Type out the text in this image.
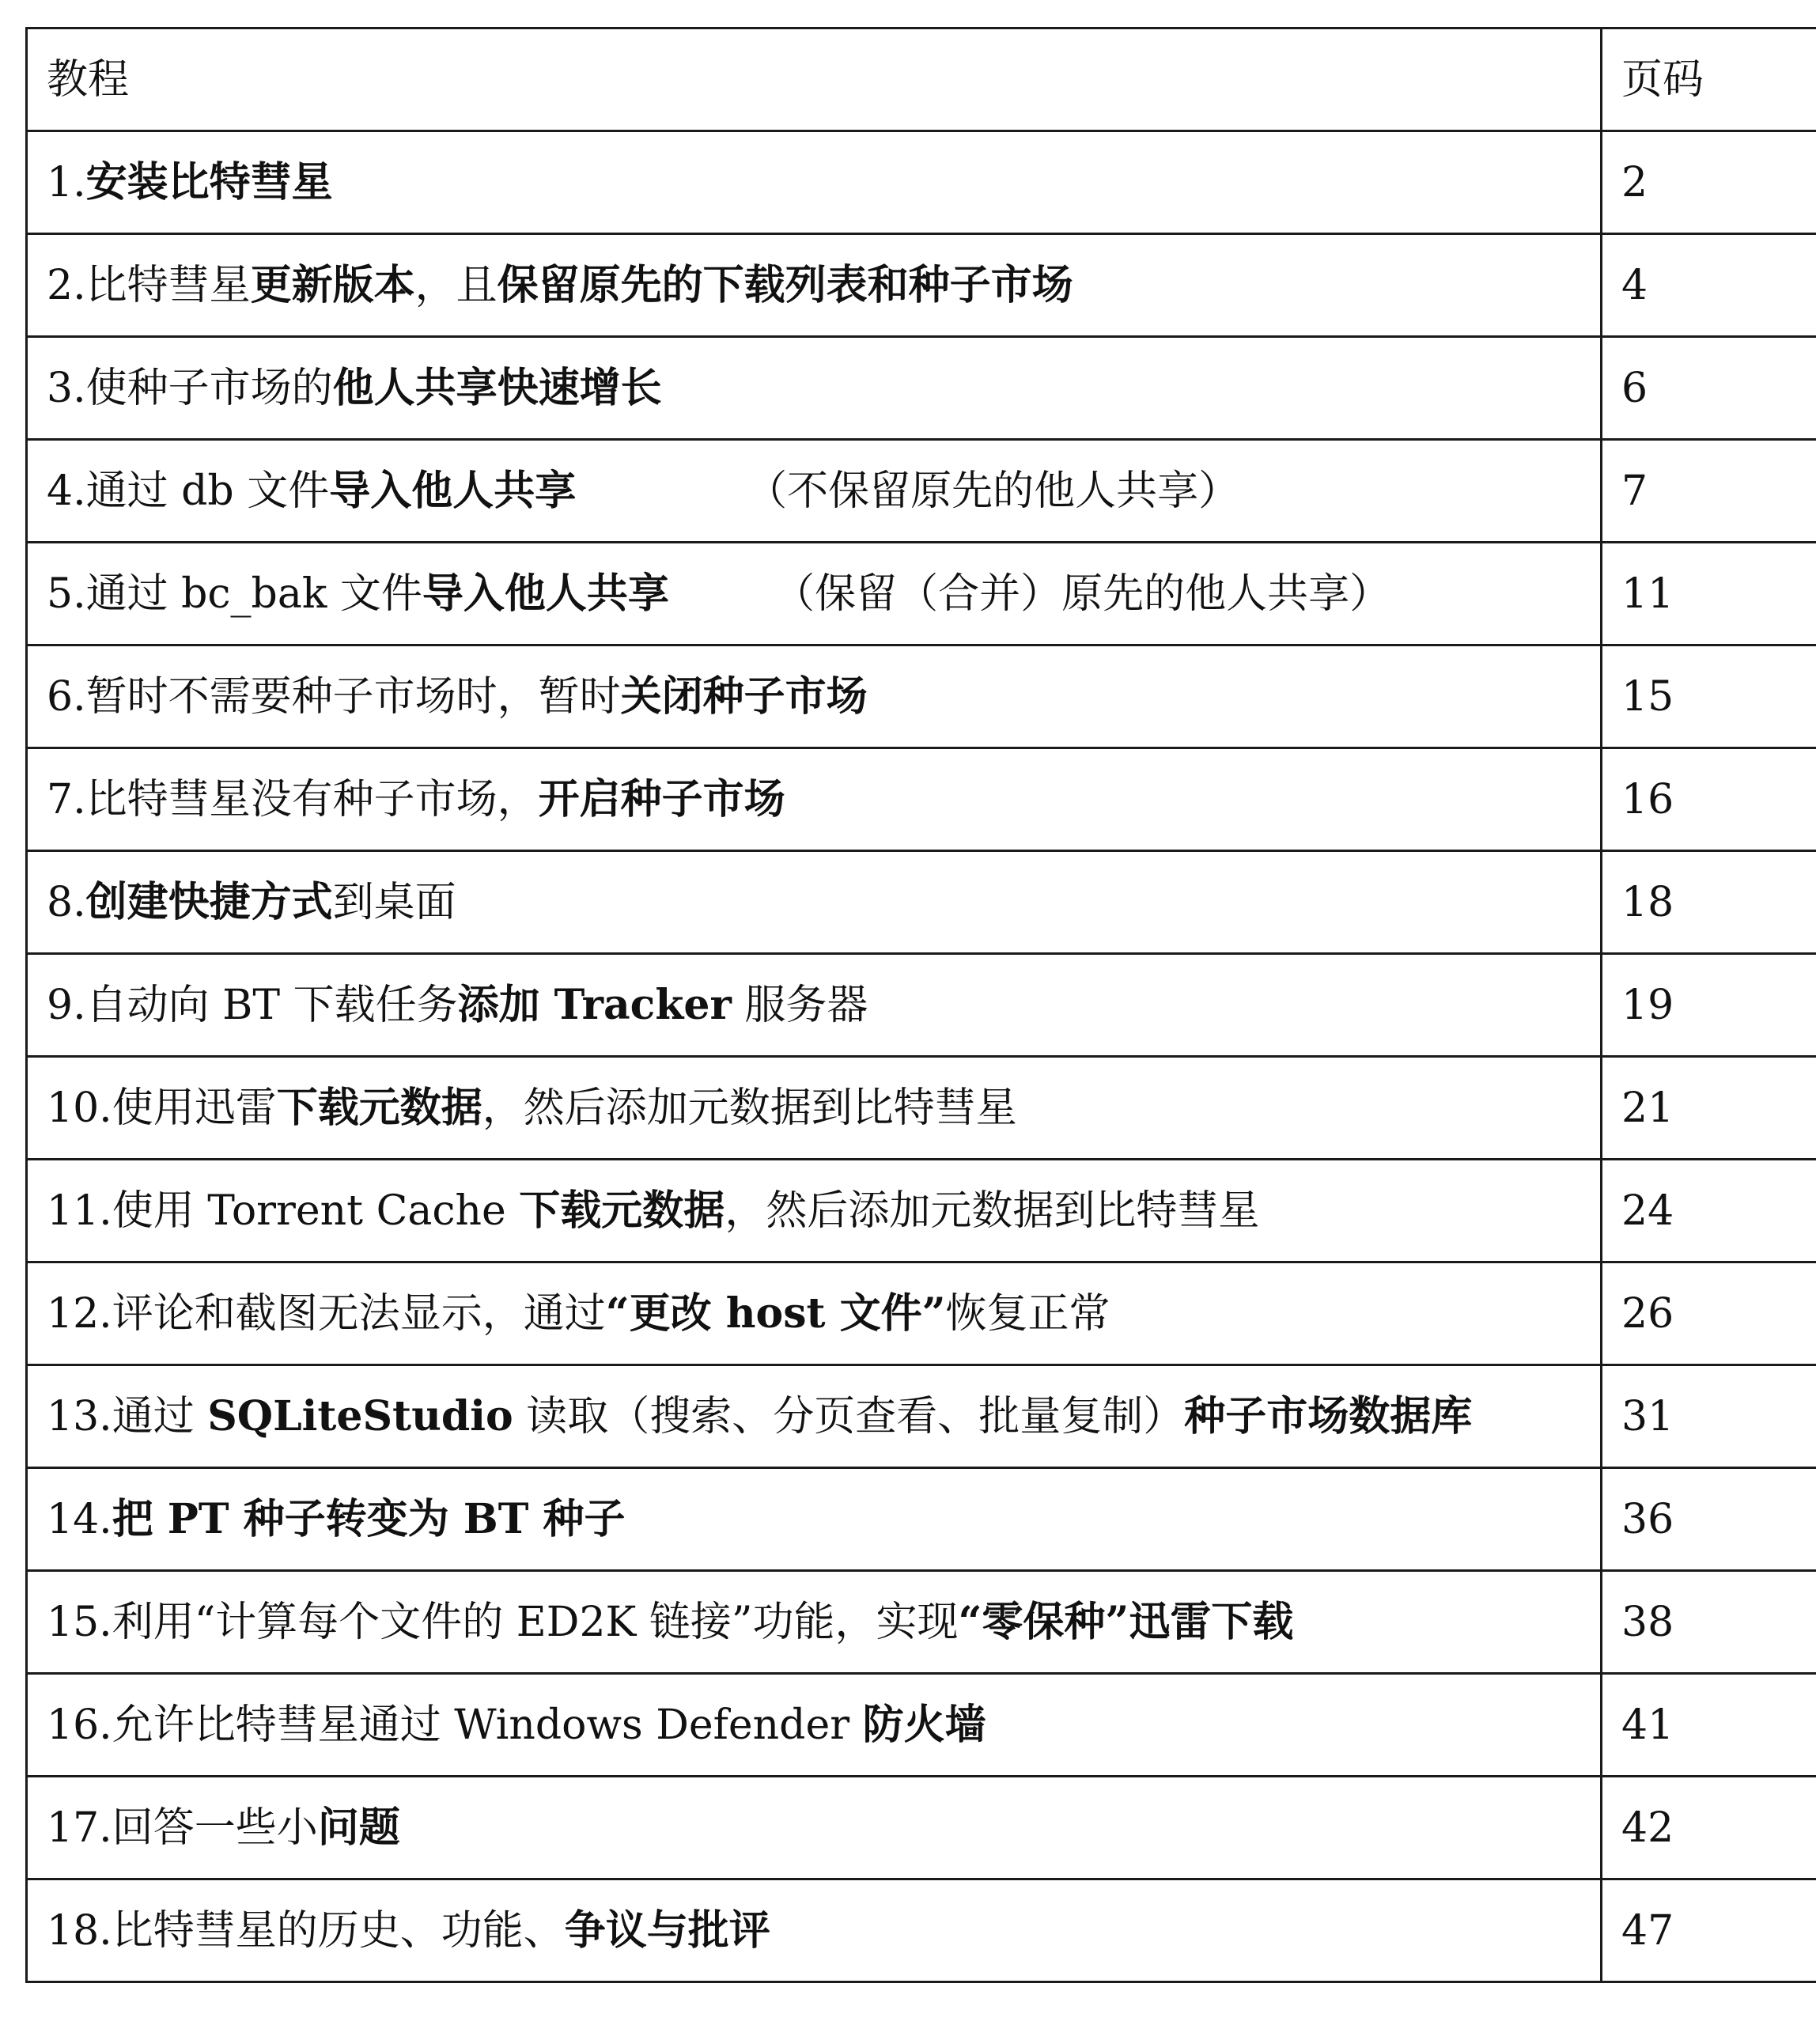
教程	页码
1.安装比特彗星	2
2.比特彗星更新版本，且保留原先的下载列表和种子市场	4
3.使种子市场的他人共享快速增长	6
4.通过 db 文件导入他人共享             （不保留原先的他人共享）	7
5.通过 bc_bak 文件导入他人共享        （保留（合并）原先的他人共享）	11
6.暂时不需要种子市场时，暂时关闭种子市场	15
7.比特彗星没有种子市场，开启种子市场	16
8.创建快捷方式到桌面	18
9.自动向 BT 下载任务添加 Tracker 服务器	19
10.使用迅雷下载元数据，然后添加元数据到比特彗星	21
11.使用 Torrent Cache 下载元数据，然后添加元数据到比特彗星	24
12.评论和截图无法显示，通过“更改 host 文件”恢复正常	26
13.通过 SQLiteStudio 读取（搜索、分页查看、批量复制）种子市场数据库	31
14.把 PT 种子转变为 BT 种子	36
15.利用“计算每个文件的 ED2K 链接”功能，实现“零保种”迅雷下载	38
16.允许比特彗星通过 Windows Defender 防火墙	41
17.回答一些小问题	42
18.比特彗星的历史、功能、争议与批评	47
